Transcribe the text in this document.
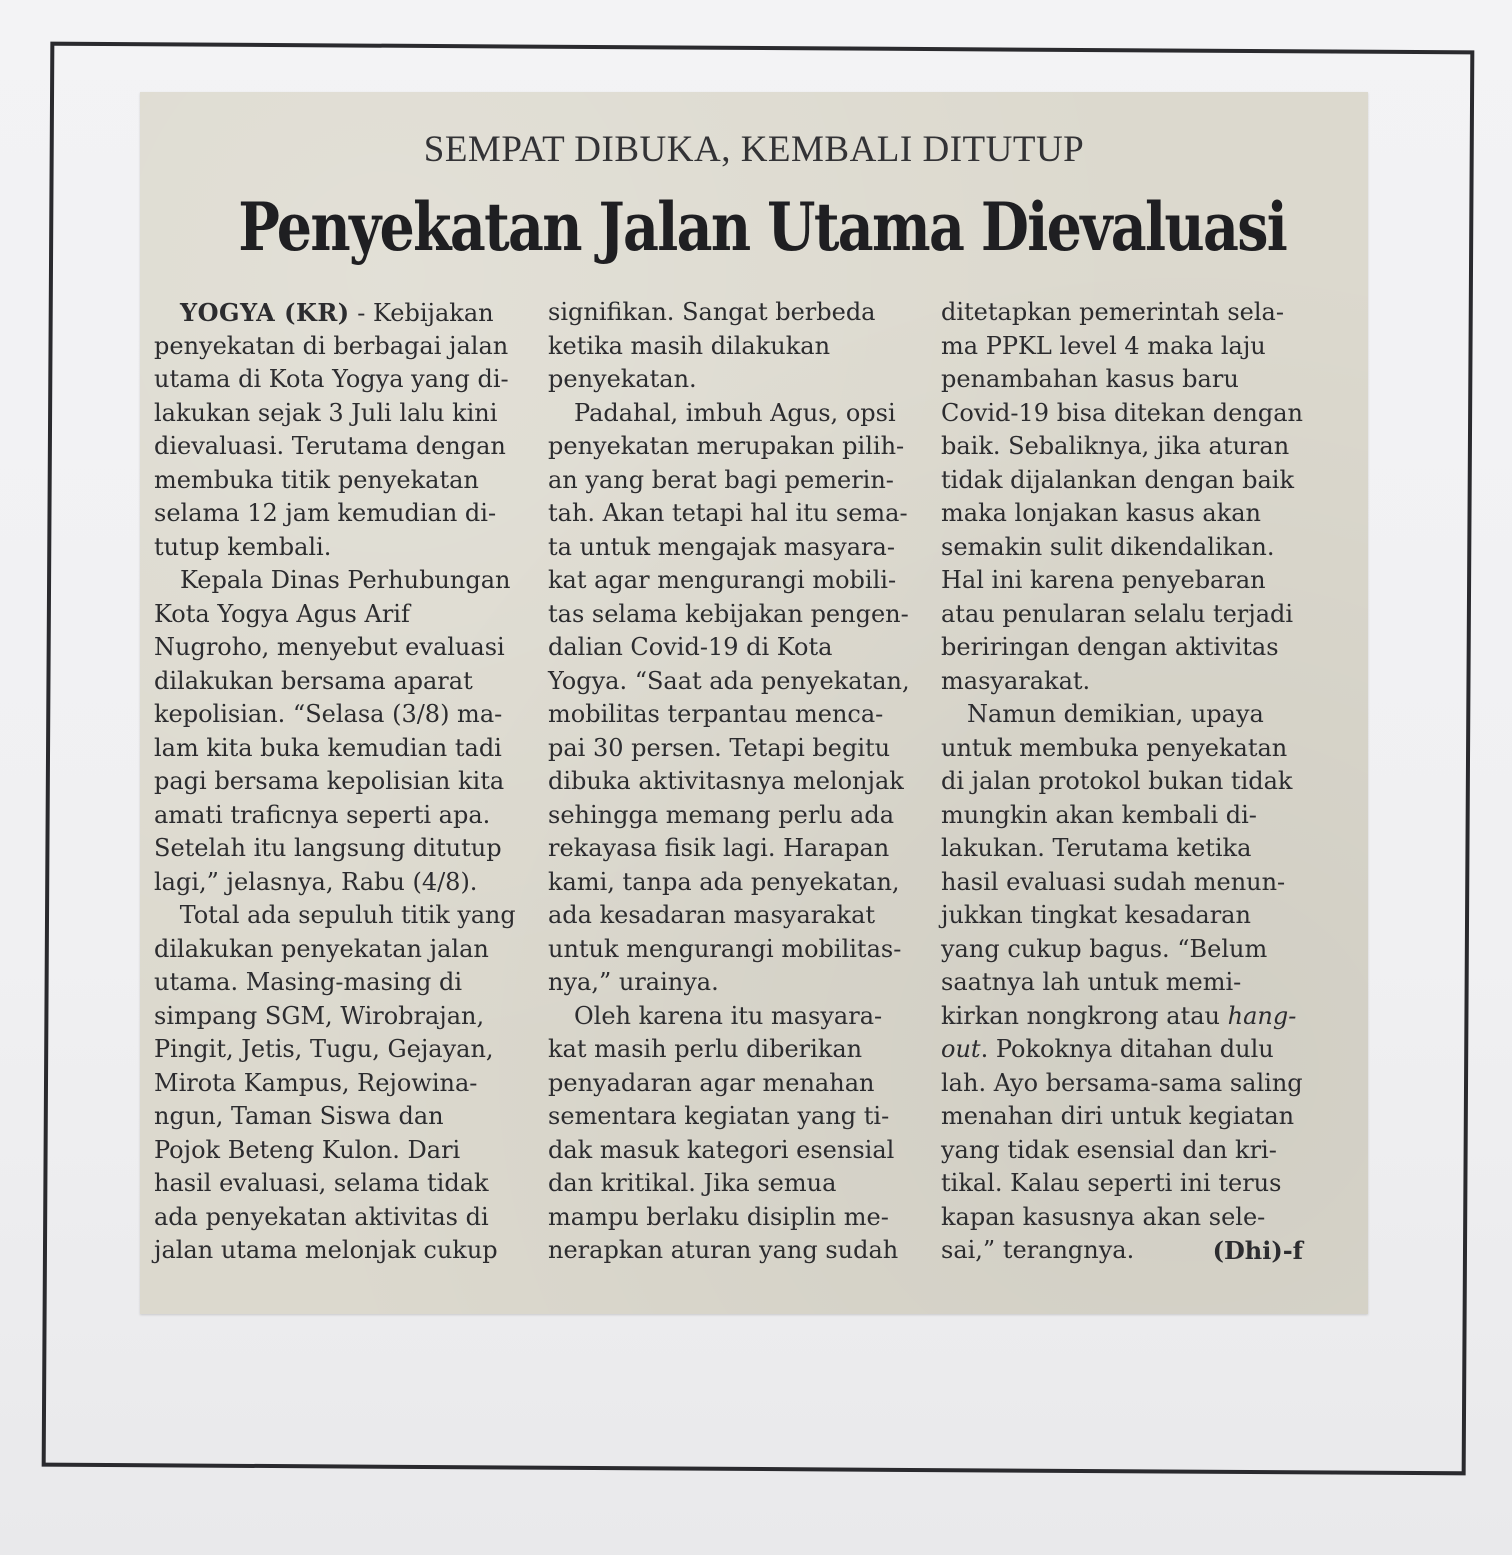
SEMPAT DIBUKA, KEMBALI DITUTUP
Penyekatan Jalan Utama Dievaluasi
YOGYA (KR) - Kebijakan
penyekatan di berbagai jalan
utama di Kota Yogya yang di-
lakukan sejak 3 Juli lalu kini
dievaluasi. Terutama dengan
membuka titik penyekatan
selama 12 jam kemudian di-
tutup kembali.
Kepala Dinas Perhubungan
Kota Yogya Agus Arif
Nugroho, menyebut evaluasi
dilakukan bersama aparat
kepolisian. “Selasa (3/8) ma-
lam kita buka kemudian tadi
pagi bersama kepolisian kita
amati traficnya seperti apa.
Setelah itu langsung ditutup
lagi,” jelasnya, Rabu (4/8).
Total ada sepuluh titik yang
dilakukan penyekatan jalan
utama. Masing-masing di
simpang SGM, Wirobrajan,
Pingit, Jetis, Tugu, Gejayan,
Mirota Kampus, Rejowina-
ngun, Taman Siswa dan
Pojok Beteng Kulon. Dari
hasil evaluasi, selama tidak
ada penyekatan aktivitas di
jalan utama melonjak cukup
signifikan. Sangat berbeda
ketika masih dilakukan
penyekatan.
Padahal, imbuh Agus, opsi
penyekatan merupakan pilih-
an yang berat bagi pemerin-
tah. Akan tetapi hal itu sema-
ta untuk mengajak masyara-
kat agar mengurangi mobili-
tas selama kebijakan pengen-
dalian Covid-19 di Kota
Yogya. “Saat ada penyekatan,
mobilitas terpantau menca-
pai 30 persen. Tetapi begitu
dibuka aktivitasnya melonjak
sehingga memang perlu ada
rekayasa fisik lagi. Harapan
kami, tanpa ada penyekatan,
ada kesadaran masyarakat
untuk mengurangi mobilitas-
nya,” urainya.
Oleh karena itu masyara-
kat masih perlu diberikan
penyadaran agar menahan
sementara kegiatan yang ti-
dak masuk kategori esensial
dan kritikal. Jika semua
mampu berlaku disiplin me-
nerapkan aturan yang sudah
ditetapkan pemerintah sela-
ma PPKL level 4 maka laju
penambahan kasus baru
Covid-19 bisa ditekan dengan
baik. Sebaliknya, jika aturan
tidak dijalankan dengan baik
maka lonjakan kasus akan
semakin sulit dikendalikan.
Hal ini karena penyebaran
atau penularan selalu terjadi
beriringan dengan aktivitas
masyarakat.
Namun demikian, upaya
untuk membuka penyekatan
di jalan protokol bukan tidak
mungkin akan kembali di-
lakukan. Terutama ketika
hasil evaluasi sudah menun-
jukkan tingkat kesadaran
yang cukup bagus. “Belum
saatnya lah untuk memi-
kirkan nongkrong atau hang-
out. Pokoknya ditahan dulu
lah. Ayo bersama-sama saling
menahan diri untuk kegiatan
yang tidak esensial dan kri-
tikal. Kalau seperti ini terus
kapan kasusnya akan sele-
sai,” terangnya.	(Dhi)-f
